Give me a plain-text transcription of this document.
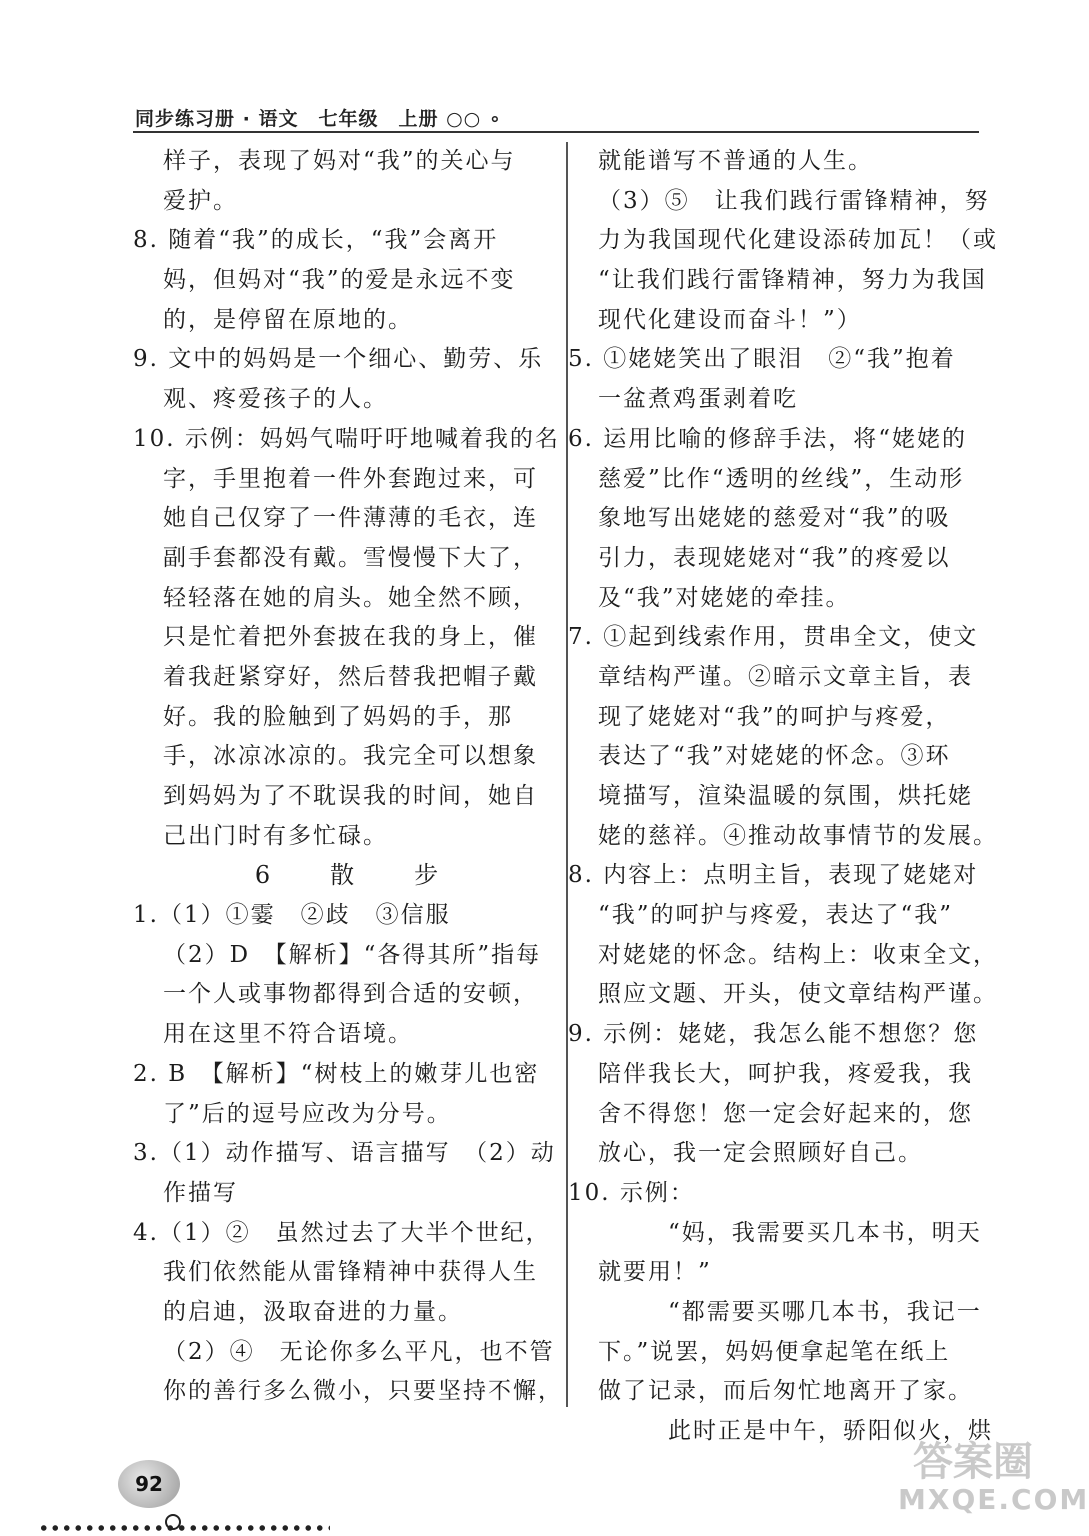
同步练习册 · 语文　七年级　上册 ○○ ∘
样子，表现了妈对“我”的关心与
爱护。
8. 随着“我”的成长，“我”会离开
妈，但妈对“我”的爱是永远不变
的，是停留在原地的。
9. 文中的妈妈是一个细心、勤劳、乐
观、疼爱孩子的人。
10. 示例：妈妈气喘吁吁地喊着我的名
字，手里抱着一件外套跑过来，可
她自己仅穿了一件薄薄的毛衣，连
副手套都没有戴。雪慢慢下大了，
轻轻落在她的肩头。她全然不顾，
只是忙着把外套披在我的身上，催
着我赶紧穿好，然后替我把帽子戴
好。我的脸触到了妈妈的手，那
手，冰凉冰凉的。我完全可以想象
到妈妈为了不耽误我的时间，她自
己出门时有多忙碌。
6　散　步
1.（1）①霎　②歧　③信服
（2）D　【解析】“各得其所”指每
一个人或事物都得到合适的安顿，
用在这里不符合语境。
2. B　【解析】“树枝上的嫩芽儿也密
了”后的逗号应改为分号。
3.（1）动作描写、语言描写　（2）动
作描写
4.（1）②　虽然过去了大半个世纪，
我们依然能从雷锋精神中获得人生
的启迪，汲取奋进的力量。
（2）④　无论你多么平凡，也不管
你的善行多么微小，只要坚持不懈，
就能谱写不普通的人生。
（3）⑤　让我们践行雷锋精神，努
力为我国现代化建设添砖加瓦！（或
“让我们践行雷锋精神，努力为我国
现代化建设而奋斗！”）
5. ①姥姥笑出了眼泪　②“我”抱着
一盆煮鸡蛋剥着吃
6. 运用比喻的修辞手法，将“姥姥的
慈爱”比作“透明的丝线”，生动形
象地写出姥姥的慈爱对“我”的吸
引力，表现姥姥对“我”的疼爱以
及“我”对姥姥的牵挂。
7. ①起到线索作用，贯串全文，使文
章结构严谨。②暗示文章主旨，表
现了姥姥对“我”的呵护与疼爱，
表达了“我”对姥姥的怀念。③环
境描写，渲染温暖的氛围，烘托姥
姥的慈祥。④推动故事情节的发展。
8. 内容上：点明主旨，表现了姥姥对
“我”的呵护与疼爱，表达了“我”
对姥姥的怀念。结构上：收束全文，
照应文题、开头，使文章结构严谨。
9. 示例：姥姥，我怎么能不想您？您
陪伴我长大，呵护我，疼爱我，我
舍不得您！您一定会好起来的，您
放心，我一定会照顾好自己。
10. 示例：
“妈，我需要买几本书，明天
就要用！”
“都需要买哪几本书，我记一
下。”说罢，妈妈便拿起笔在纸上
做了记录，而后匆忙地离开了家。
此时正是中午，骄阳似火，烘
92	答案圈
MXQE.COM
